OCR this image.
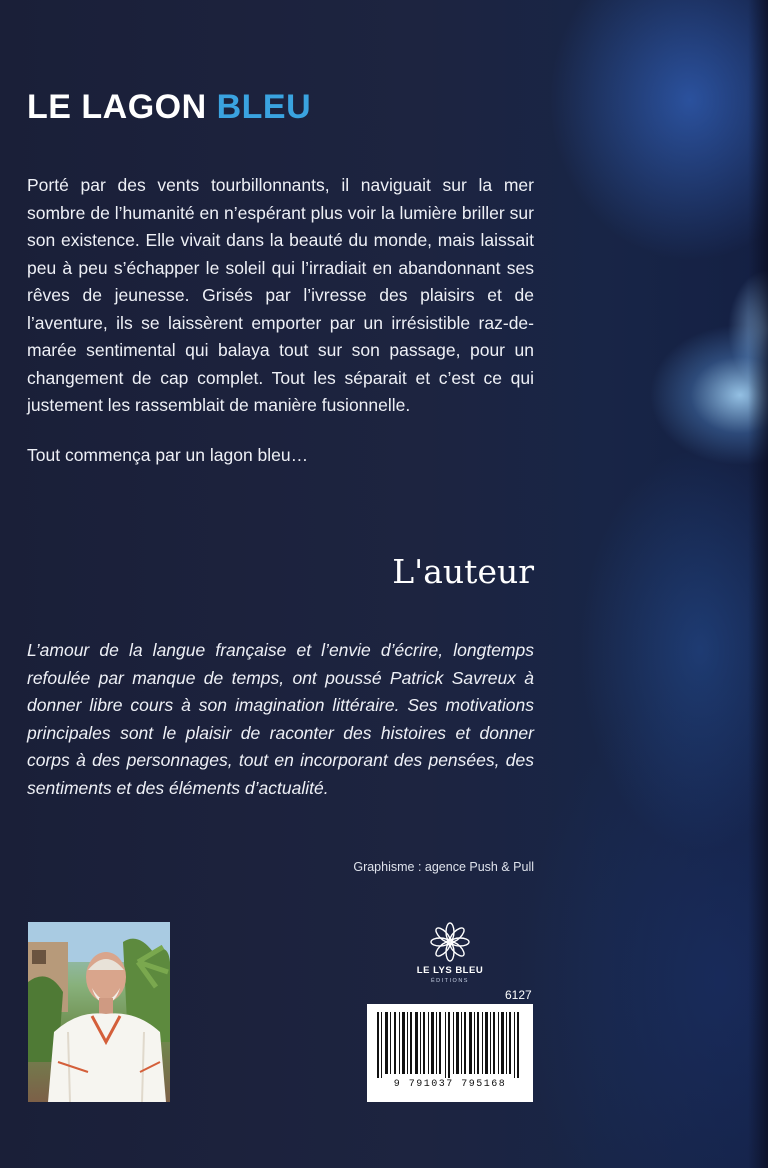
LE LAGON BLEU

Porté par des vents tourbillonnants, il naviguait sur la mer sombre de l’humanité en n’espérant plus voir la lumière briller sur son existence. Elle vivait dans la beauté du monde, mais laissait peu à peu s’échapper le soleil qui l’irradiait en abandonnant ses rêves de jeunesse. Grisés par l’ivresse des plaisirs et de l’aventure, ils se laissèrent emporter par un irrésistible raz-de-marée sentimental qui balaya tout sur son passage, pour un changement de cap complet. Tout les séparait et c’est ce qui justement les rassemblait de manière fusionnelle.

Tout commença par un lagon bleu…

L'auteur

L’amour de la langue française et l’envie d’écrire, longtemps refoulée par manque de temps, ont poussé Patrick Savreux à donner libre cours à son imagination littéraire. Ses motivations principales sont le plaisir de raconter des histoires et donner corps à des personnages, tout en incorporant des pensées, des sentiments et des éléments d’actualité.

Graphisme : agence Push & Pull

LE LYS BLEU
ÉDITIONS

6127

9 791037 795168
